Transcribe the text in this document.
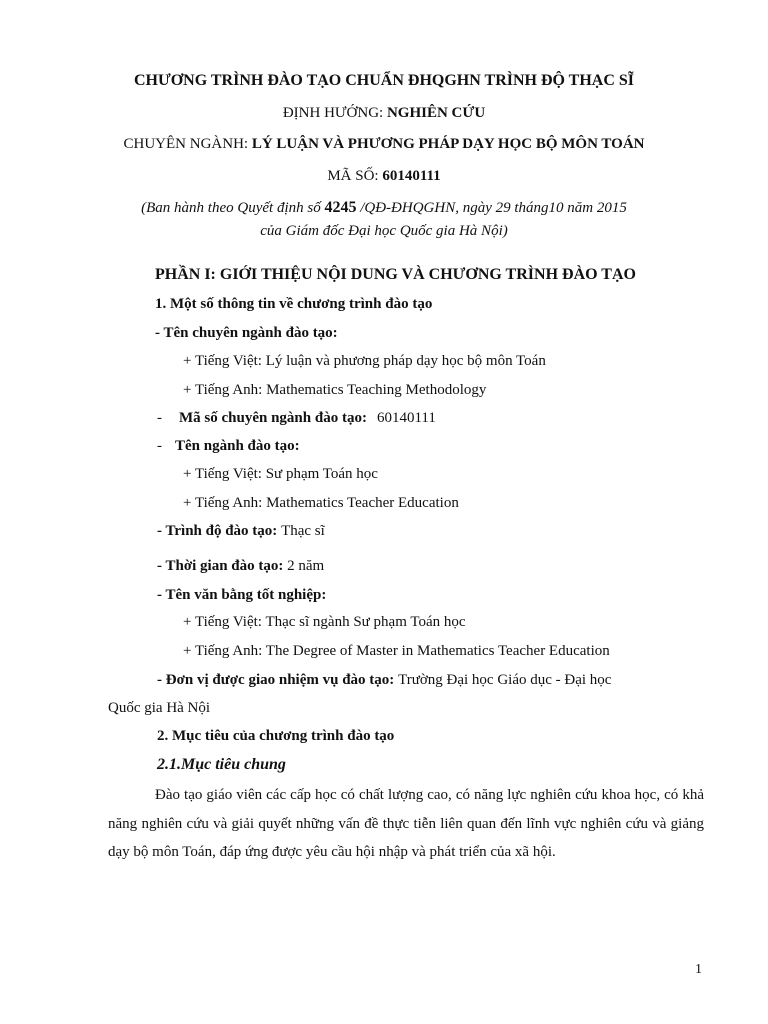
CHƯƠNG TRÌNH ĐÀO TẠO CHUẨN ĐHQGHN TRÌNH ĐỘ THẠC SĨ
ĐỊNH HƯỚNG: NGHIÊN CỨU
CHUYÊN NGÀNH: LÝ LUẬN VÀ PHƯƠNG PHÁP DẠY HỌC BỘ MÔN TOÁN
MÃ SỐ: 60140111
(Ban hành theo Quyết định số 4245 /QĐ-ĐHQGHN, ngày 29 tháng10 năm 2015
của Giám đốc Đại học Quốc gia Hà Nội)
PHẦN I: GIỚI THIỆU NỘI DUNG VÀ CHƯƠNG TRÌNH ĐÀO TẠO
1. Một số thông tin về chương trình đào tạo
- Tên chuyên ngành đào tạo:
+ Tiếng Việt: Lý luận và phương pháp dạy học bộ môn Toán
+ Tiếng Anh: Mathematics Teaching Methodology
- Mã số chuyên ngành đào tạo: 60140111
- Tên ngành đào tạo:
+ Tiếng Việt: Sư phạm Toán học
+ Tiếng Anh: Mathematics Teacher Education
- Trình độ đào tạo: Thạc sĩ
- Thời gian đào tạo: 2 năm
- Tên văn bằng tốt nghiệp:
+ Tiếng Việt: Thạc sĩ ngành Sư phạm Toán học
+ Tiếng Anh: The Degree of Master in Mathematics Teacher Education
- Đơn vị được giao nhiệm vụ đào tạo: Trường Đại học Giáo dục - Đại học
Quốc gia Hà Nội
2. Mục tiêu của chương trình đào tạo
2.1.Mục tiêu chung
Đào tạo giáo viên các cấp học có chất lượng cao, có năng lực nghiên cứu khoa học, có khả năng nghiên cứu và giải quyết những vấn đề thực tiễn liên quan đến lĩnh vực nghiên cứu và giảng dạy bộ môn Toán, đáp ứng được yêu cầu hội nhập và phát triển của xã hội.
1
